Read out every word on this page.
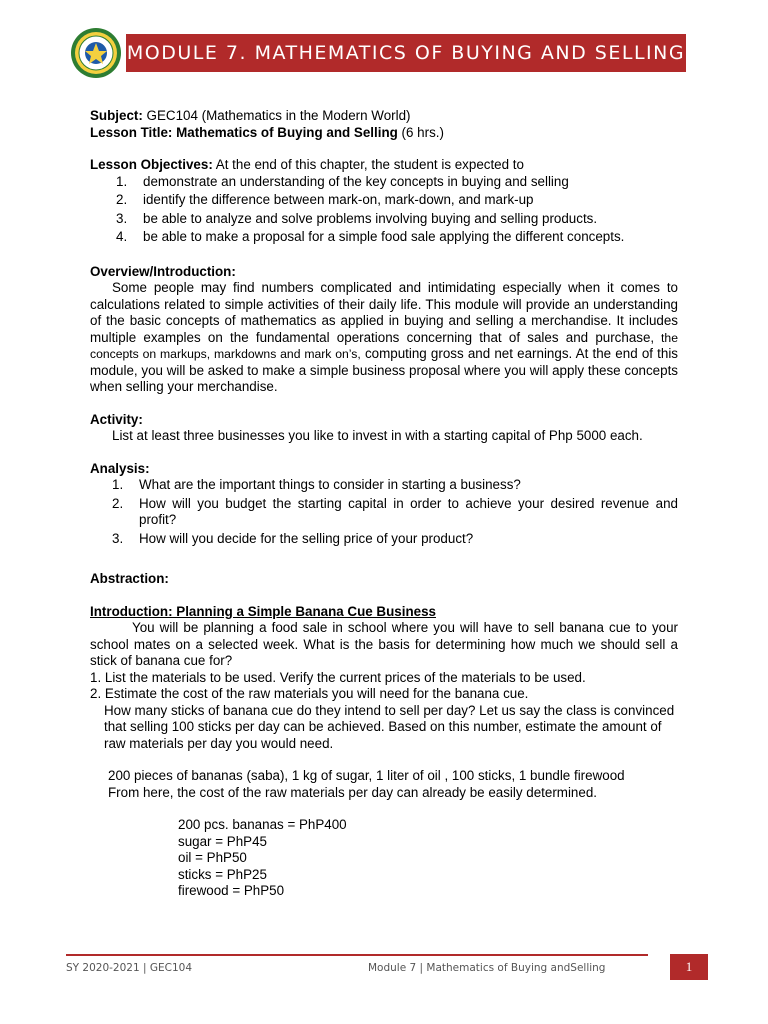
MODULE 7. MATHEMATICS OF BUYING AND SELLING

Subject: GEC104 (Mathematics in the Modern World)

Lesson Title: Mathematics of Buying and Selling (6 hrs.)

Lesson Objectives: At the end of this chapter, the student is expected to

1.	demonstrate an understanding of the key concepts in buying and selling
2.	identify the difference between mark-on, mark-down, and mark-up
3.	be able to analyze and solve problems involving buying and selling products.
4.	be able to make a proposal for a simple food sale applying the different concepts.

Overview/Introduction:

Some people may find numbers complicated and intimidating especially when it comes to calculations related to simple activities of their daily life. This module will provide an understanding of the basic concepts of mathematics as applied in buying and selling a merchandise. It includes multiple examples on the fundamental operations concerning that of sales and purchase, the concepts on markups, markdowns and mark on’s, computing gross and net earnings. At the end of this module, you will be asked to make a simple business proposal where you will apply these concepts when selling your merchandise.

Activity:

List at least three businesses you like to invest in with a starting capital of Php 5000 each.

Analysis:

1.	What are the important things to consider in starting a business?
2.	How will you budget the starting capital in order to achieve your desired revenue and profit?
3.	How will you decide for the selling price of your product?

Abstraction:

Introduction: Planning a Simple Banana Cue Business

You will be planning a food sale in school where you will have to sell banana cue to your school mates on a selected week. What is the basis for determining how much we should sell a stick of banana cue for?

1. List the materials to be used. Verify the current prices of the materials to be used.

2. Estimate the cost of the raw materials you will need for the banana cue.

How many sticks of banana cue do they intend to sell per day? Let us say the class is convinced that selling 100 sticks per day can be achieved. Based on this number, estimate the amount of raw materials per day you would need.

200 pieces of bananas (saba), 1 kg of sugar, 1 liter of oil , 100 sticks, 1 bundle firewood

From here, the cost of the raw materials per day can already be easily determined.

200 pcs. bananas = PhP400

sugar = PhP45

oil = PhP50

sticks = PhP25

firewood = PhP50

SY 2020-2021 | GEC104	Module 7 | Mathematics of Buying andSelling	1
